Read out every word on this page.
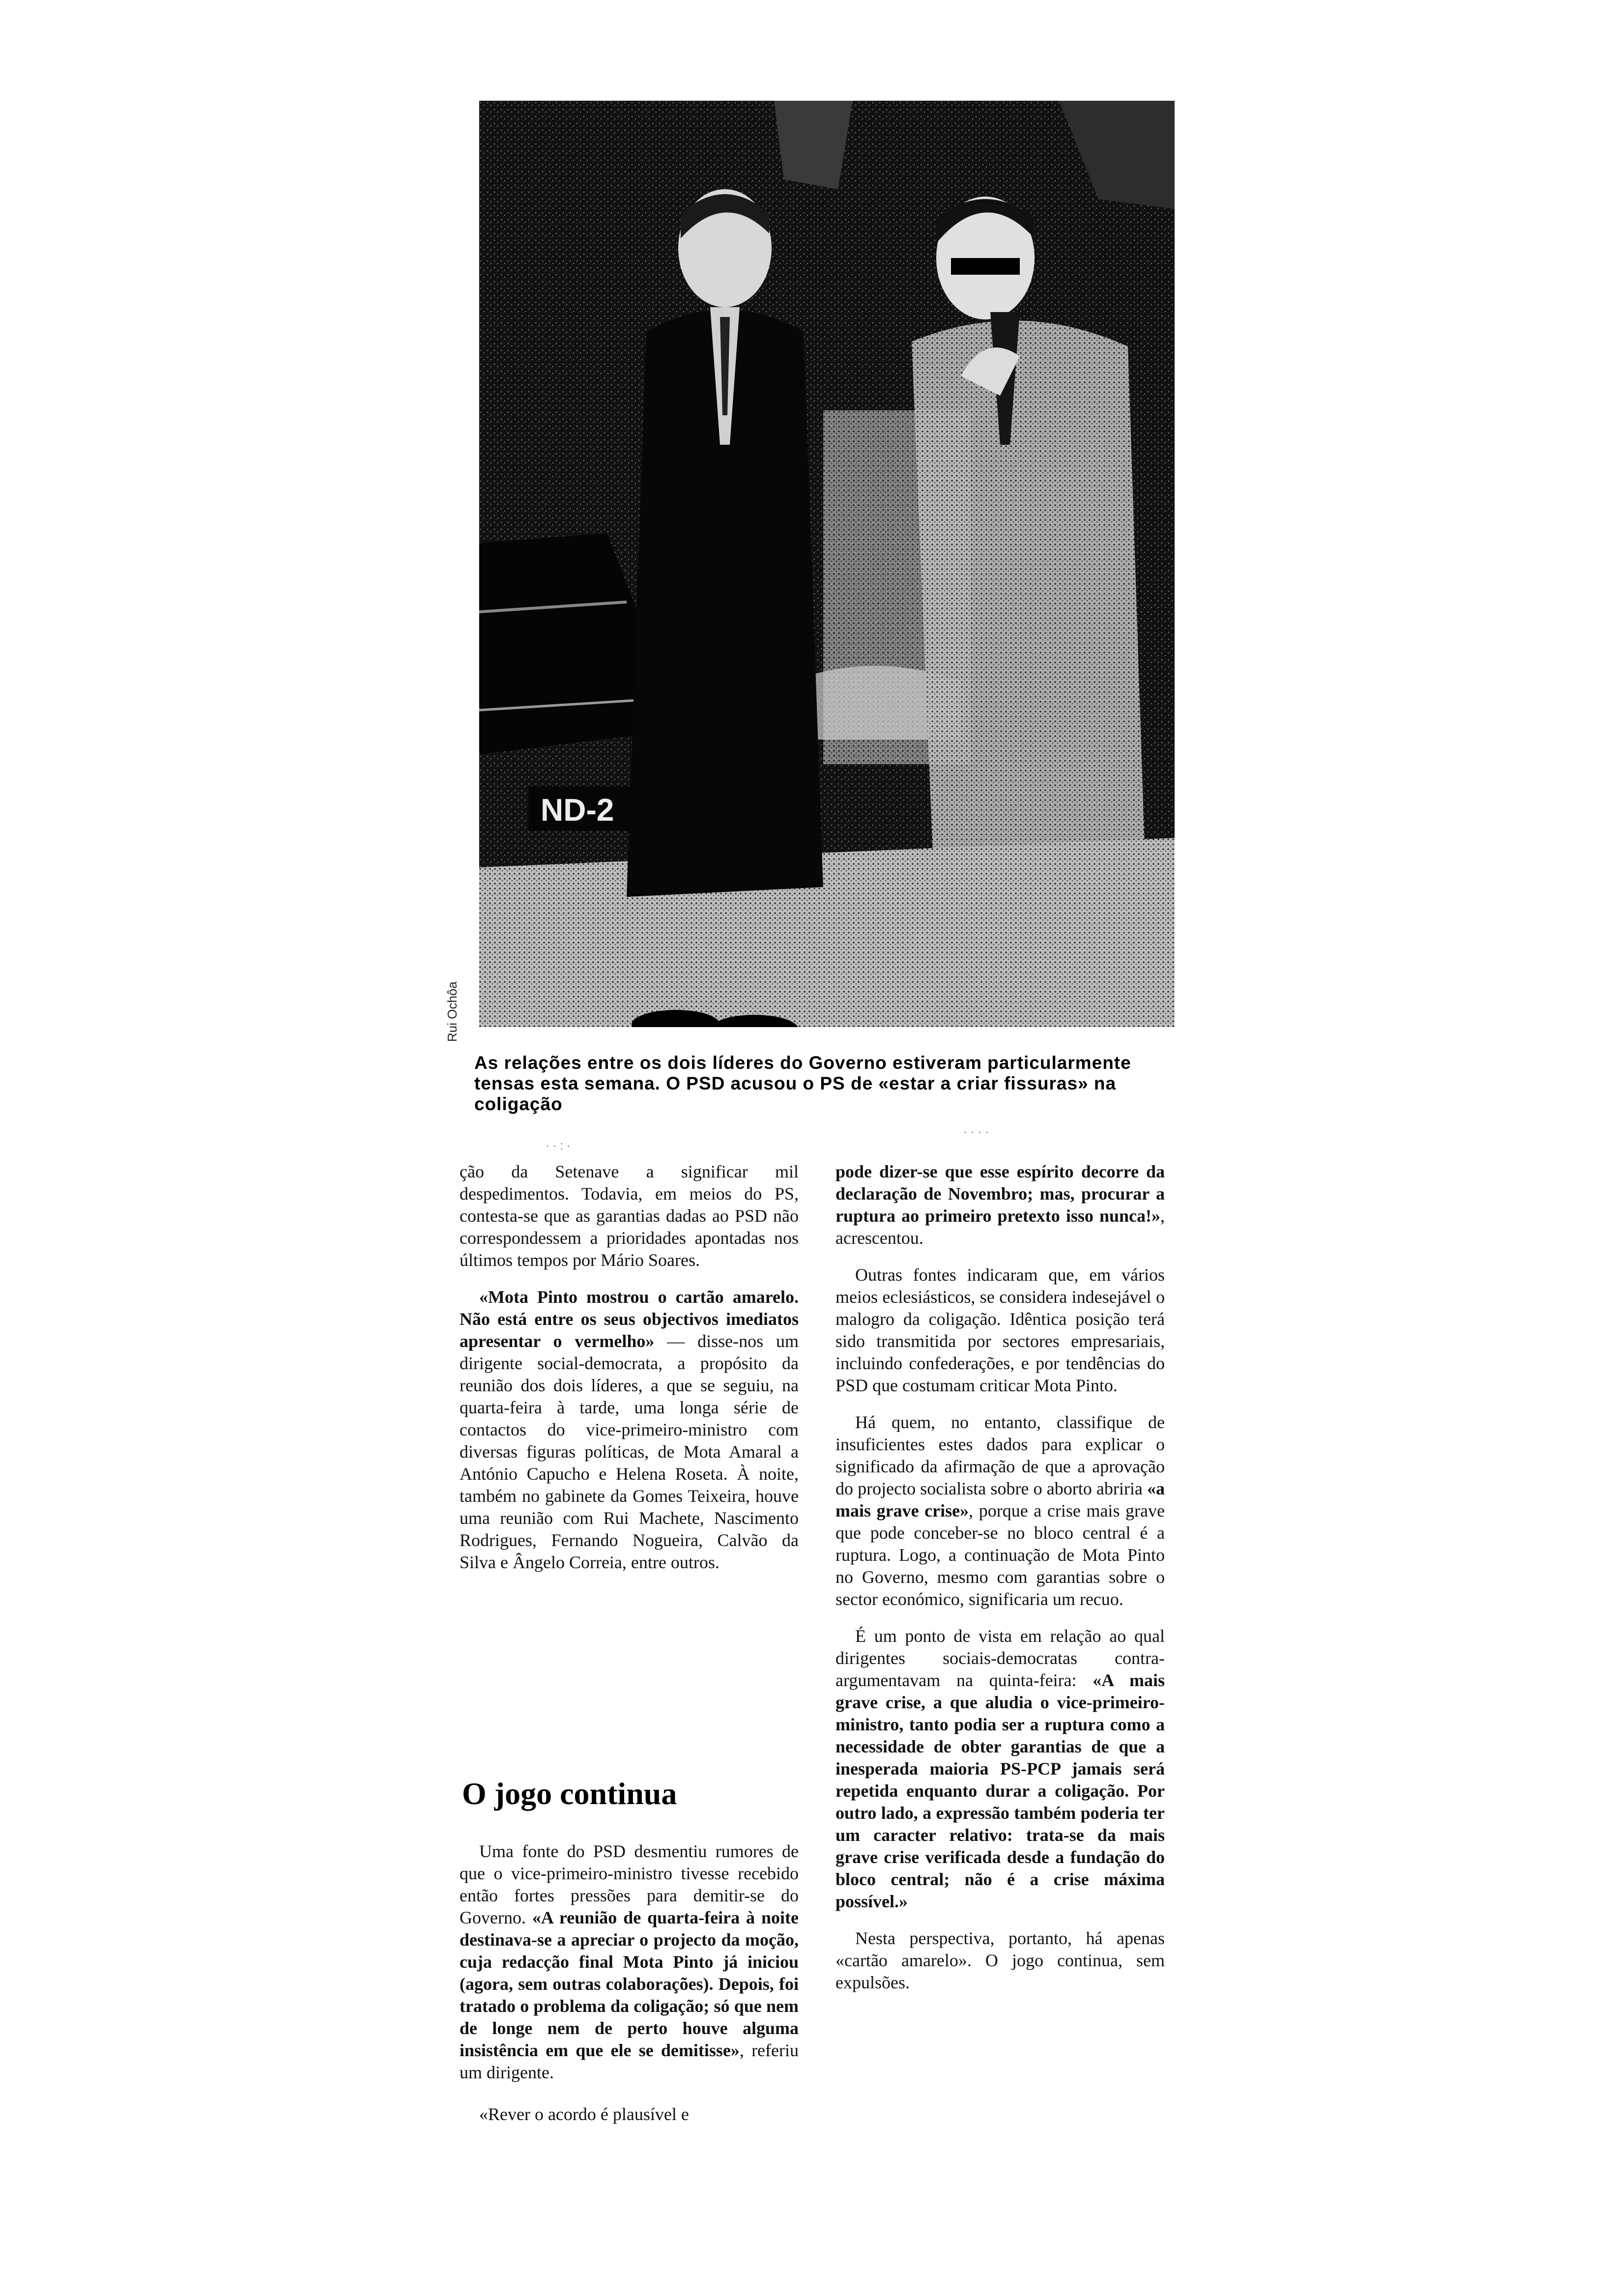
ND-2
Rui Ochôa
As relações entre os dois líderes do Governo estiveram particularmente tensas esta semana. O PSD acusou o PS de «estar a criar fissuras» na coligação
· · : ·
· · · ·

ção da Setenave a significar mil despedimentos. Todavia, em meios do PS, contesta-se que as garantias dadas ao PSD não correspondessem a prioridades apontadas nos últimos tempos por Mário Soares.

«Mota Pinto mostrou o cartão amarelo. Não está entre os seus objectivos imediatos apresentar o vermelho» — disse-nos um dirigente social-democrata, a propósito da reunião dos dois líderes, a que se seguiu, na quarta-feira à tarde, uma longa série de contactos do vice-primeiro-ministro com diversas figuras políticas, de Mota Amaral a António Capucho e Helena Roseta. À noite, também no gabinete da Gomes Teixeira, houve uma reunião com Rui Machete, Nascimento Rodrigues, Fernando Nogueira, Calvão da Silva e Ângelo Correia, entre outros.

O jogo continua

Uma fonte do PSD desmentiu rumores de que o vice-primeiro-ministro tivesse recebido então fortes pressões para demitir-se do Governo. «A reunião de quarta-feira à noite destinava-se a apreciar o projecto da moção, cuja redacção final Mota Pinto já iniciou (agora, sem outras colaborações). Depois, foi tratado o problema da coligação; só que nem de longe nem de perto houve alguma insistência em que ele se demitisse», referiu um dirigente.

«Rever o acordo é plausível e

pode dizer-se que esse espírito decorre da declaração de Novembro; mas, procurar a ruptura ao primeiro pretexto isso nunca!», acrescentou.

Outras fontes indicaram que, em vários meios eclesiásticos, se considera indesejável o malogro da coligação. Idêntica posição terá sido transmitida por sectores empresariais, incluindo confederações, e por tendências do PSD que costumam criticar Mota Pinto.

Há quem, no entanto, classifique de insuficientes estes dados para explicar o significado da afirmação de que a aprovação do projecto socialista sobre o aborto abriria «a mais grave crise», porque a crise mais grave que pode conceber-se no bloco central é a ruptura. Logo, a continuação de Mota Pinto no Governo, mesmo com garantias sobre o sector económico, significaria um recuo.

É um ponto de vista em relação ao qual dirigentes sociais-democratas contra-argumentavam na quinta-feira: «A mais grave crise, a que aludia o vice-primeiro-ministro, tanto podia ser a ruptura como a necessidade de obter garantias de que a inesperada maioria PS-PCP jamais será repetida enquanto durar a coligação. Por outro lado, a expressão também poderia ter um caracter relativo: trata-se da mais grave crise verificada desde a fundação do bloco central; não é a crise máxima possível.»

Nesta perspectiva, portanto, há apenas «cartão amarelo». O jogo continua, sem expulsões.
